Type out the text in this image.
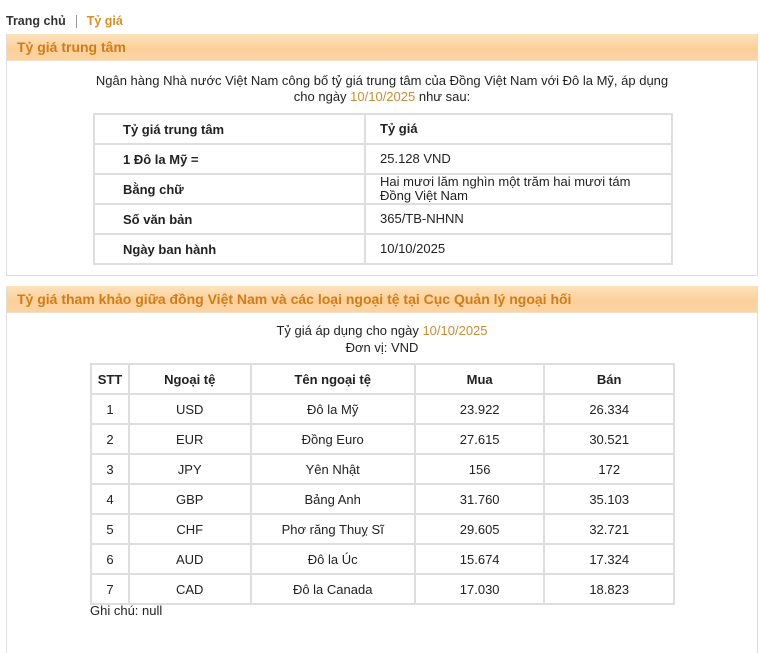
Trang chủ Tỷ giá
Tỷ giá trung tâm
Ngân hàng Nhà nước Việt Nam công bố tỷ giá trung tâm của Đồng Việt Nam với Đô la Mỹ, áp dụng
cho ngày 10/10/2025 như sau:
Tỷ giá trung tâm	Tỷ giá
1 Đô la Mỹ =	25.128 VND
Bằng chữ	Hai mươi lăm nghìn một trăm hai mươi tám Đồng Việt Nam
Số văn bản	365/TB-NHNN
Ngày ban hành	10/10/2025
Tỷ giá tham khảo giữa đồng Việt Nam và các loại ngoại tệ tại Cục Quản lý ngoại hối
Tỷ giá áp dụng cho ngày 10/10/2025
Đơn vị: VND
STT	Ngoại tệ	Tên ngoại tệ	Mua	Bán
1	USD	Đô la Mỹ	23.922	26.334
2	EUR	Đồng Euro	27.615	30.521
3	JPY	Yên Nhật	156	172
4	GBP	Bảng Anh	31.760	35.103
5	CHF	Phơ răng Thuỵ Sĩ	29.605	32.721
6	AUD	Đô la Úc	15.674	17.324
7	CAD	Đô la Canada	17.030	18.823
Ghi chú: null
